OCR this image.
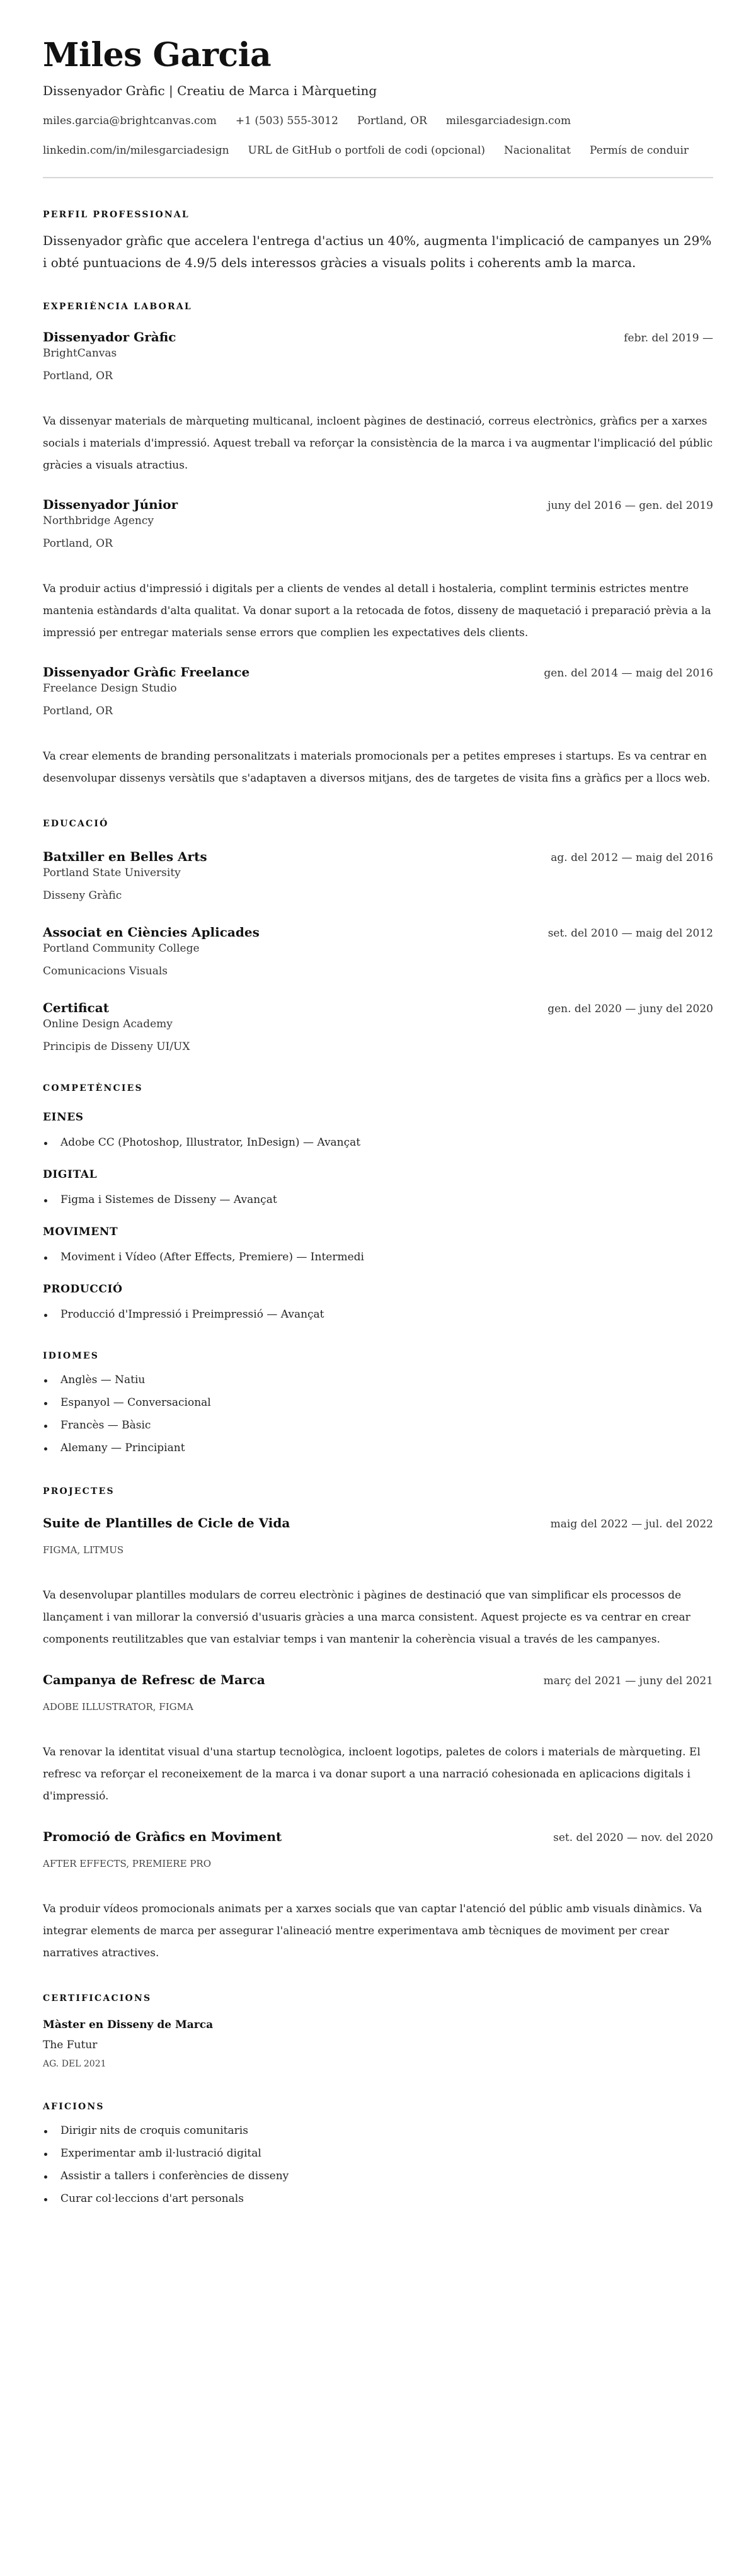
Miles Garcia
Dissenyador Gràfic | Creatiu de Marca i Màrqueting
miles.garcia@brightcanvas.com +1 (503) 555-3012 Portland, OR milesgarciadesign.com
linkedin.com/in/milesgarciadesign URL de GitHub o portfoli de codi (opcional) Nacionalitat Permís de conduir
PERFIL PROFESSIONAL

Dissenyador gràfic que accelera l'entrega d'actius un 40%, augmenta l'implicació de campanyes un 29% i obté puntuacions de 4.9/5 dels interessos gràcies a visuals polits i coherents amb la marca.

EXPERIÈNCIA LABORAL
Dissenyador Gràfic	febr. del 2019 —
BrightCanvas
Portland, OR

Va dissenyar materials de màrqueting multicanal, incloent pàgines de destinació, correus electrònics, gràfics per a xarxes socials i materials d'impressió. Aquest treball va reforçar la consistència de la marca i va augmentar l'implicació del públic gràcies a visuals atractius.

Dissenyador Júnior	juny del 2016 — gen. del 2019
Northbridge Agency
Portland, OR

Va produir actius d'impressió i digitals per a clients de vendes al detall i hostaleria, complint terminis estrictes mentre mantenia estàndards d'alta qualitat. Va donar suport a la retocada de fotos, disseny de maquetació i preparació prèvia a la impressió per entregar materials sense errors que complien les expectatives dels clients.

Dissenyador Gràfic Freelance	gen. del 2014 — maig del 2016
Freelance Design Studio
Portland, OR

Va crear elements de branding personalitzats i materials promocionals per a petites empreses i startups. Es va centrar en desenvolupar dissenys versàtils que s'adaptaven a diversos mitjans, des de targetes de visita fins a gràfics per a llocs web.

EDUCACIÓ
Batxiller en Belles Arts	ag. del 2012 — maig del 2016
Portland State University
Disseny Gràfic
Associat en Ciències Aplicades	set. del 2010 — maig del 2012
Portland Community College
Comunicacions Visuals
Certificat	gen. del 2020 — juny del 2020
Online Design Academy
Principis de Disseny UI/UX
COMPETÈNCIES
EINES
Adobe CC (Photoshop, Illustrator, InDesign) — Avançat
DIGITAL
Figma i Sistemes de Disseny — Avançat
MOVIMENT
Moviment i Vídeo (After Effects, Premiere) — Intermedi
PRODUCCIÓ
Producció d'Impressió i Preimpressió — Avançat
IDIOMES
Anglès — Natiu
Espanyol — Conversacional
Francès — Bàsic
Alemany — Principiant
PROJECTES
Suite de Plantilles de Cicle de Vida	maig del 2022 — jul. del 2022
FIGMA, LITMUS

Va desenvolupar plantilles modulars de correu electrònic i pàgines de destinació que van simplificar els processos de llançament i van millorar la conversió d'usuaris gràcies a una marca consistent. Aquest projecte es va centrar en crear components reutilitzables que van estalviar temps i van mantenir la coherència visual a través de les campanyes.

Campanya de Refresc de Marca	març del 2021 — juny del 2021
ADOBE ILLUSTRATOR, FIGMA

Va renovar la identitat visual d'una startup tecnològica, incloent logotips, paletes de colors i materials de màrqueting. El refresc va reforçar el reconeixement de la marca i va donar suport a una narració cohesionada en aplicacions digitals i d'impressió.

Promoció de Gràfics en Moviment	set. del 2020 — nov. del 2020
AFTER EFFECTS, PREMIERE PRO

Va produir vídeos promocionals animats per a xarxes socials que van captar l'atenció del públic amb visuals dinàmics. Va integrar elements de marca per assegurar l'alineació mentre experimentava amb tècniques de moviment per crear narratives atractives.

CERTIFICACIONS
Màster en Disseny de Marca
The Futur
AG. DEL 2021
AFICIONS
Dirigir nits de croquis comunitaris
Experimentar amb il·lustració digital
Assistir a tallers i conferències de disseny
Curar col·leccions d'art personals
